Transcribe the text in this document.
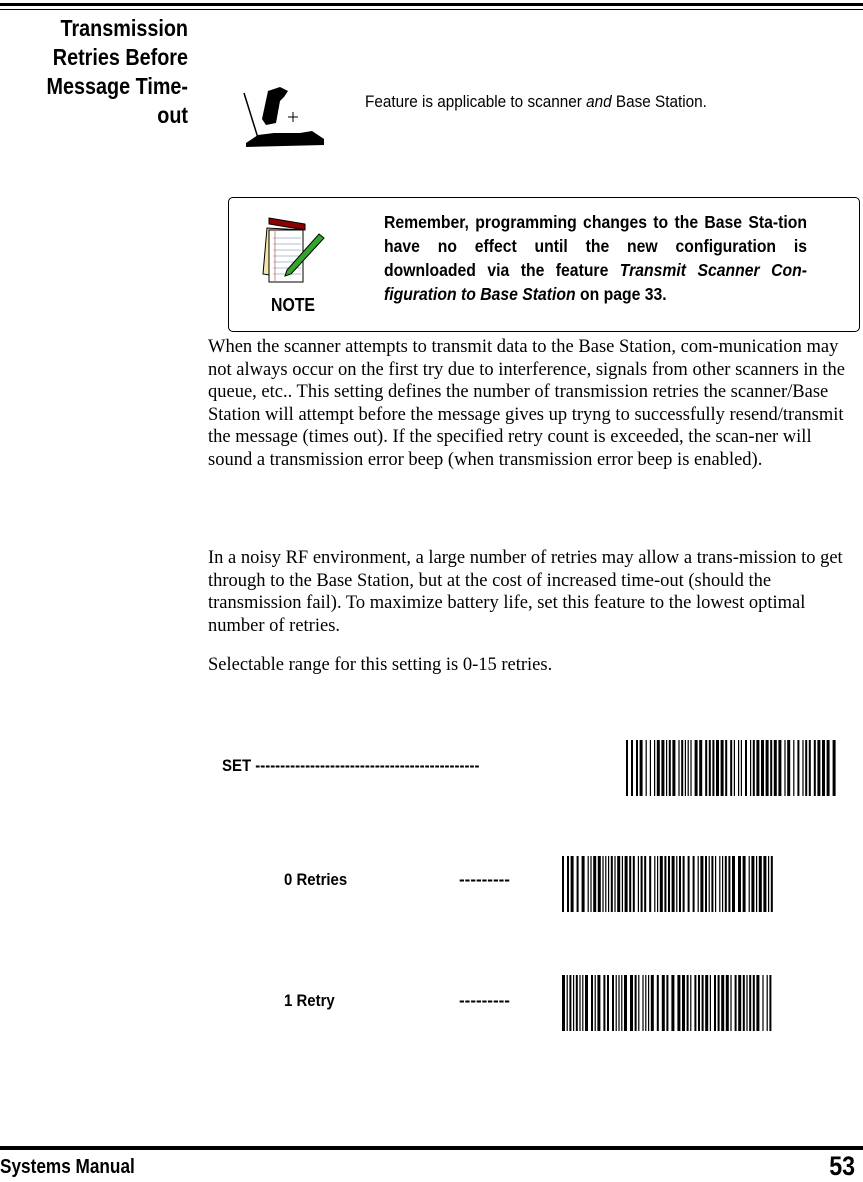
Transmission
Retries Before
Message Time-
out
Feature is applicable to scanner and Base Station.
NOTE
Remember, programming changes to the Base Sta-tion have no effect until the new configuration is downloaded via the feature Transmit Scanner Con-figuration to Base Station on page 33.
When the scanner attempts to transmit data to the Base Station, com-munication may not always occur on the first try due to interference, signals from other scanners in the queue, etc.. This setting defines the number of transmission retries the scanner/Base Station will attempt before the message gives up tryng to successfully resend/transmit the message (times out). If the specified retry count is exceeded, the scan-ner will sound a transmission error beep (when transmission error beep is enabled).
In a noisy RF environment, a large number of retries may allow a trans-mission to get through to the Base Station, but at the cost of increased time-out (should the transmission fail). To maximize battery life, set this feature to the lowest optimal number of retries.
Selectable range for this setting is 0-15 retries.
SET ---------------------------------------------
0 Retries	---------
1 Retry	---------
Systems Manual	53
